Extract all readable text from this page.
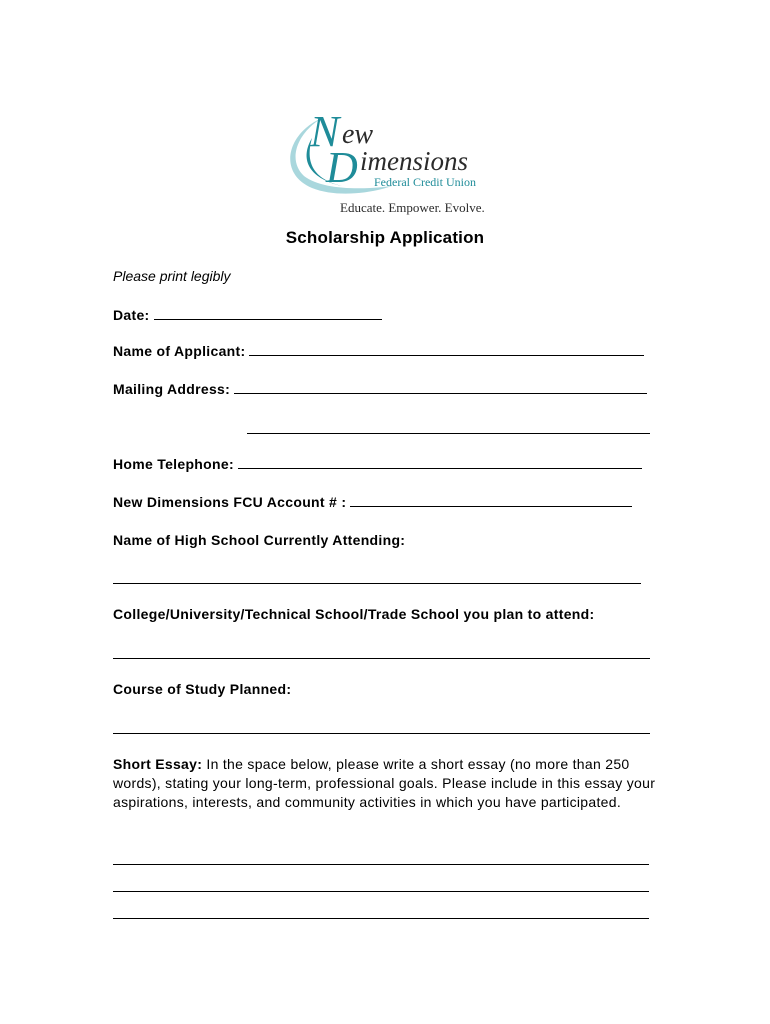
N ew
D imensions
Federal Credit Union
Educate. Empower. Evolve.
Scholarship Application
Please print legibly
Date:
Name of Applicant:
Mailing Address:
Home Telephone:
New Dimensions FCU Account # :
Name of High School Currently Attending:
College/University/Technical School/Trade School you plan to attend:
Course of Study Planned:
Short Essay: In the space below, please write a short essay (no more than 250 words), stating your long-term, professional goals. Please include in this essay your aspirations, interests, and community activities in which you have participated.
